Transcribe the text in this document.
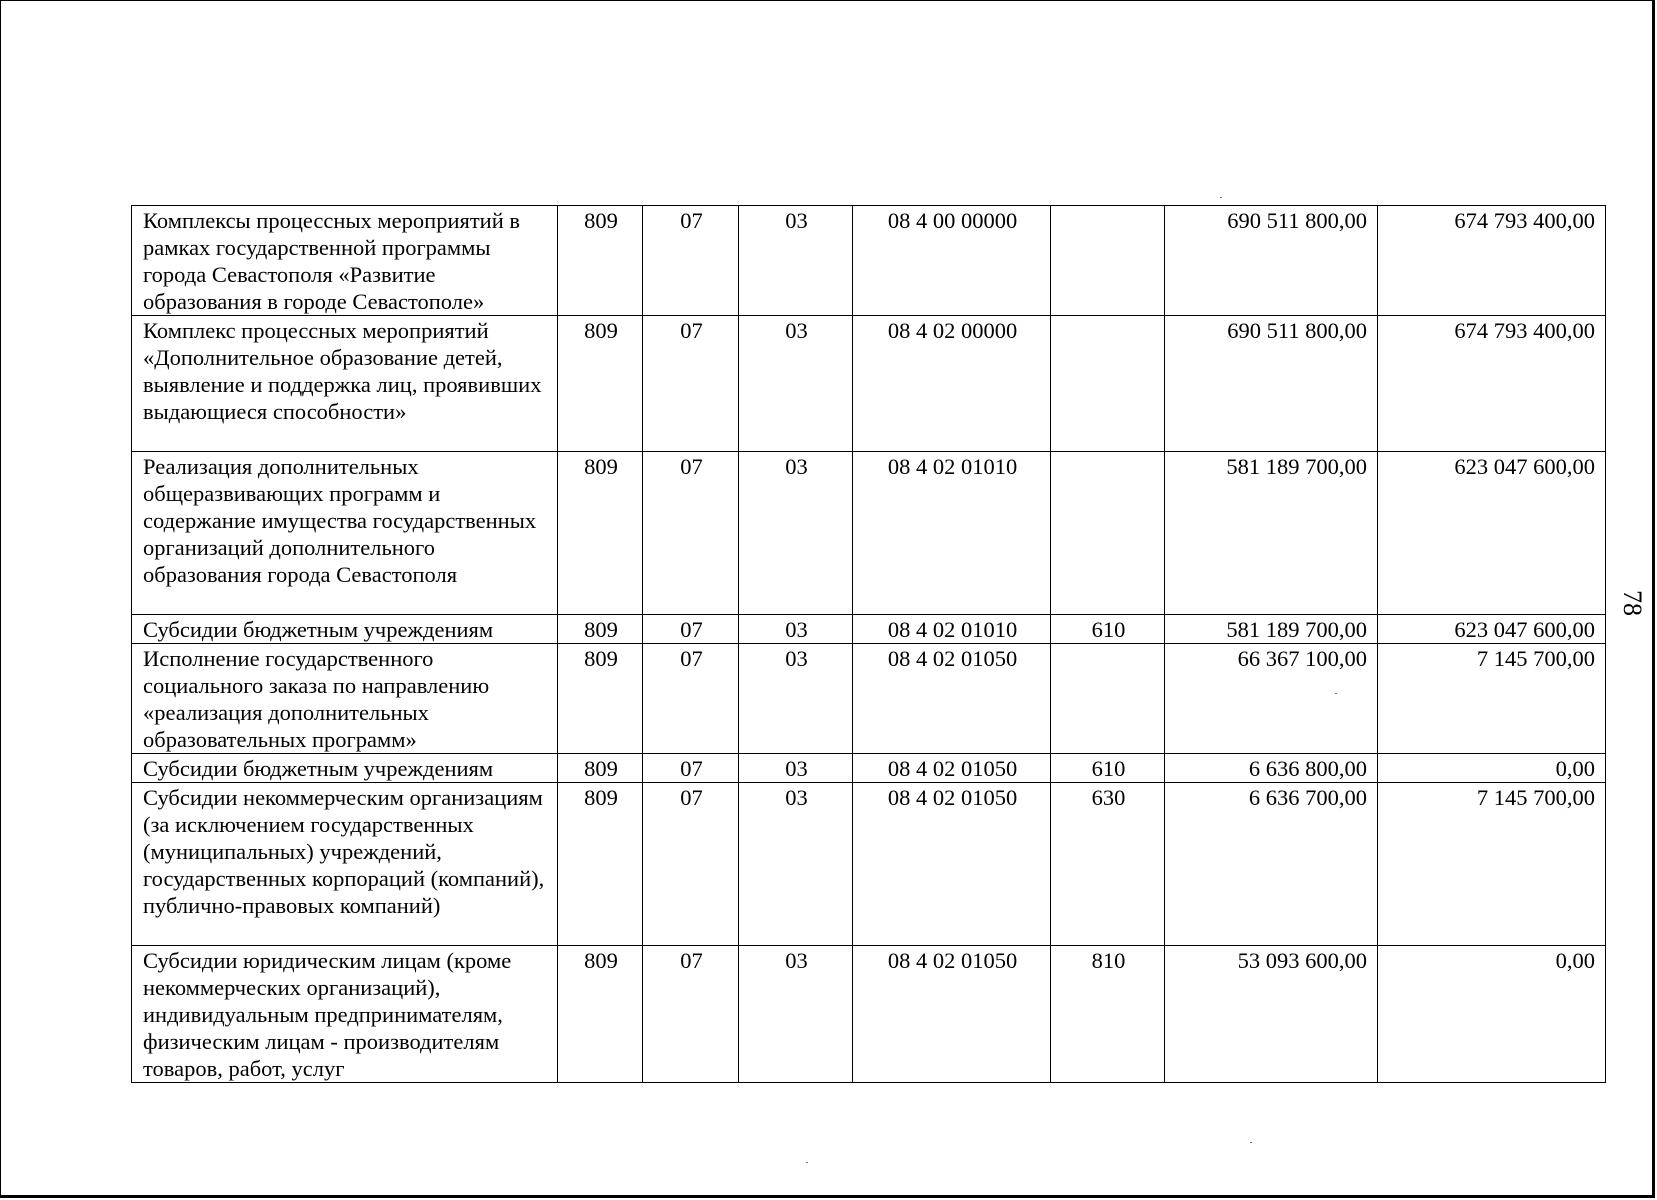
Комплексы процессных мероприятий в рамках государственной программы города Севастополя «Развитие образования в городе Севастополе»	809	07	03	08 4 00 00000		690 511 800,00	674 793 400,00
Комплекс процессных мероприятий «Дополнительное образование детей, выявление и поддержка лиц, проявивших выдающиеся способности»	809	07	03	08 4 02 00000		690 511 800,00	674 793 400,00
Реализация дополнительных общеразвивающих программ и содержание имущества государственных организаций дополнительного образования города Севастополя	809	07	03	08 4 02 01010		581 189 700,00	623 047 600,00
Субсидии бюджетным учреждениям	809	07	03	08 4 02 01010	610	581 189 700,00	623 047 600,00
Исполнение государственного социального заказа по направлению «реализация дополнительных образовательных программ»	809	07	03	08 4 02 01050		66 367 100,00	7 145 700,00
Субсидии бюджетным учреждениям	809	07	03	08 4 02 01050	610	6 636 800,00	0,00
Субсидии некоммерческим организациям (за исключением государственных (муниципальных) учреждений, государственных корпораций (компаний), публично-правовых компаний)	809	07	03	08 4 02 01050	630	6 636 700,00	7 145 700,00
Субсидии юридическим лицам (кроме некоммерческих организаций), индивидуальным предпринимателям, физическим лицам - производителям товаров, работ, услуг	809	07	03	08 4 02 01050	810	53 093 600,00	0,00
78
